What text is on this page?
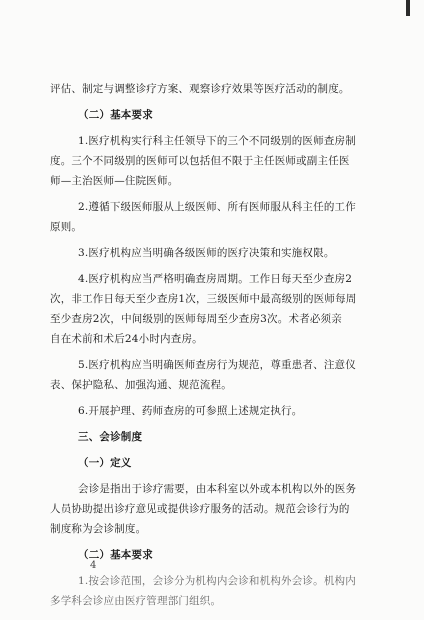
评估、制定与调整诊疗方案、观察诊疗效果等医疗活动的制度。
（二）基本要求
1.医疗机构实行科主任领导下的三个不同级别的医师查房制
度。三个不同级别的医师可以包括但不限于主任医师或副主任医
师—主治医师—住院医师。
2.遵循下级医师服从上级医师、所有医师服从科主任的工作
原则。
3.医疗机构应当明确各级医师的医疗决策和实施权限。
4.医疗机构应当严格明确查房周期。工作日每天至少查房2
次，非工作日每天至少查房1次，三级医师中最高级别的医师每周
至少查房2次，中间级别的医师每周至少查房3次。术者必须亲
自在术前和术后24小时内查房。
5.医疗机构应当明确医师查房行为规范，尊重患者、注意仪
表、保护隐私、加强沟通、规范流程。
6.开展护理、药师查房的可参照上述规定执行。
三、会诊制度
（一）定义
会诊是指出于诊疗需要，由本科室以外或本机构以外的医务
人员协助提出诊疗意见或提供诊疗服务的活动。规范会诊行为的
制度称为会诊制度。
（二）基本要求
1.按会诊范围，会诊分为机构内会诊和机构外会诊。机构内
多学科会诊应由医疗管理部门组织。
4
